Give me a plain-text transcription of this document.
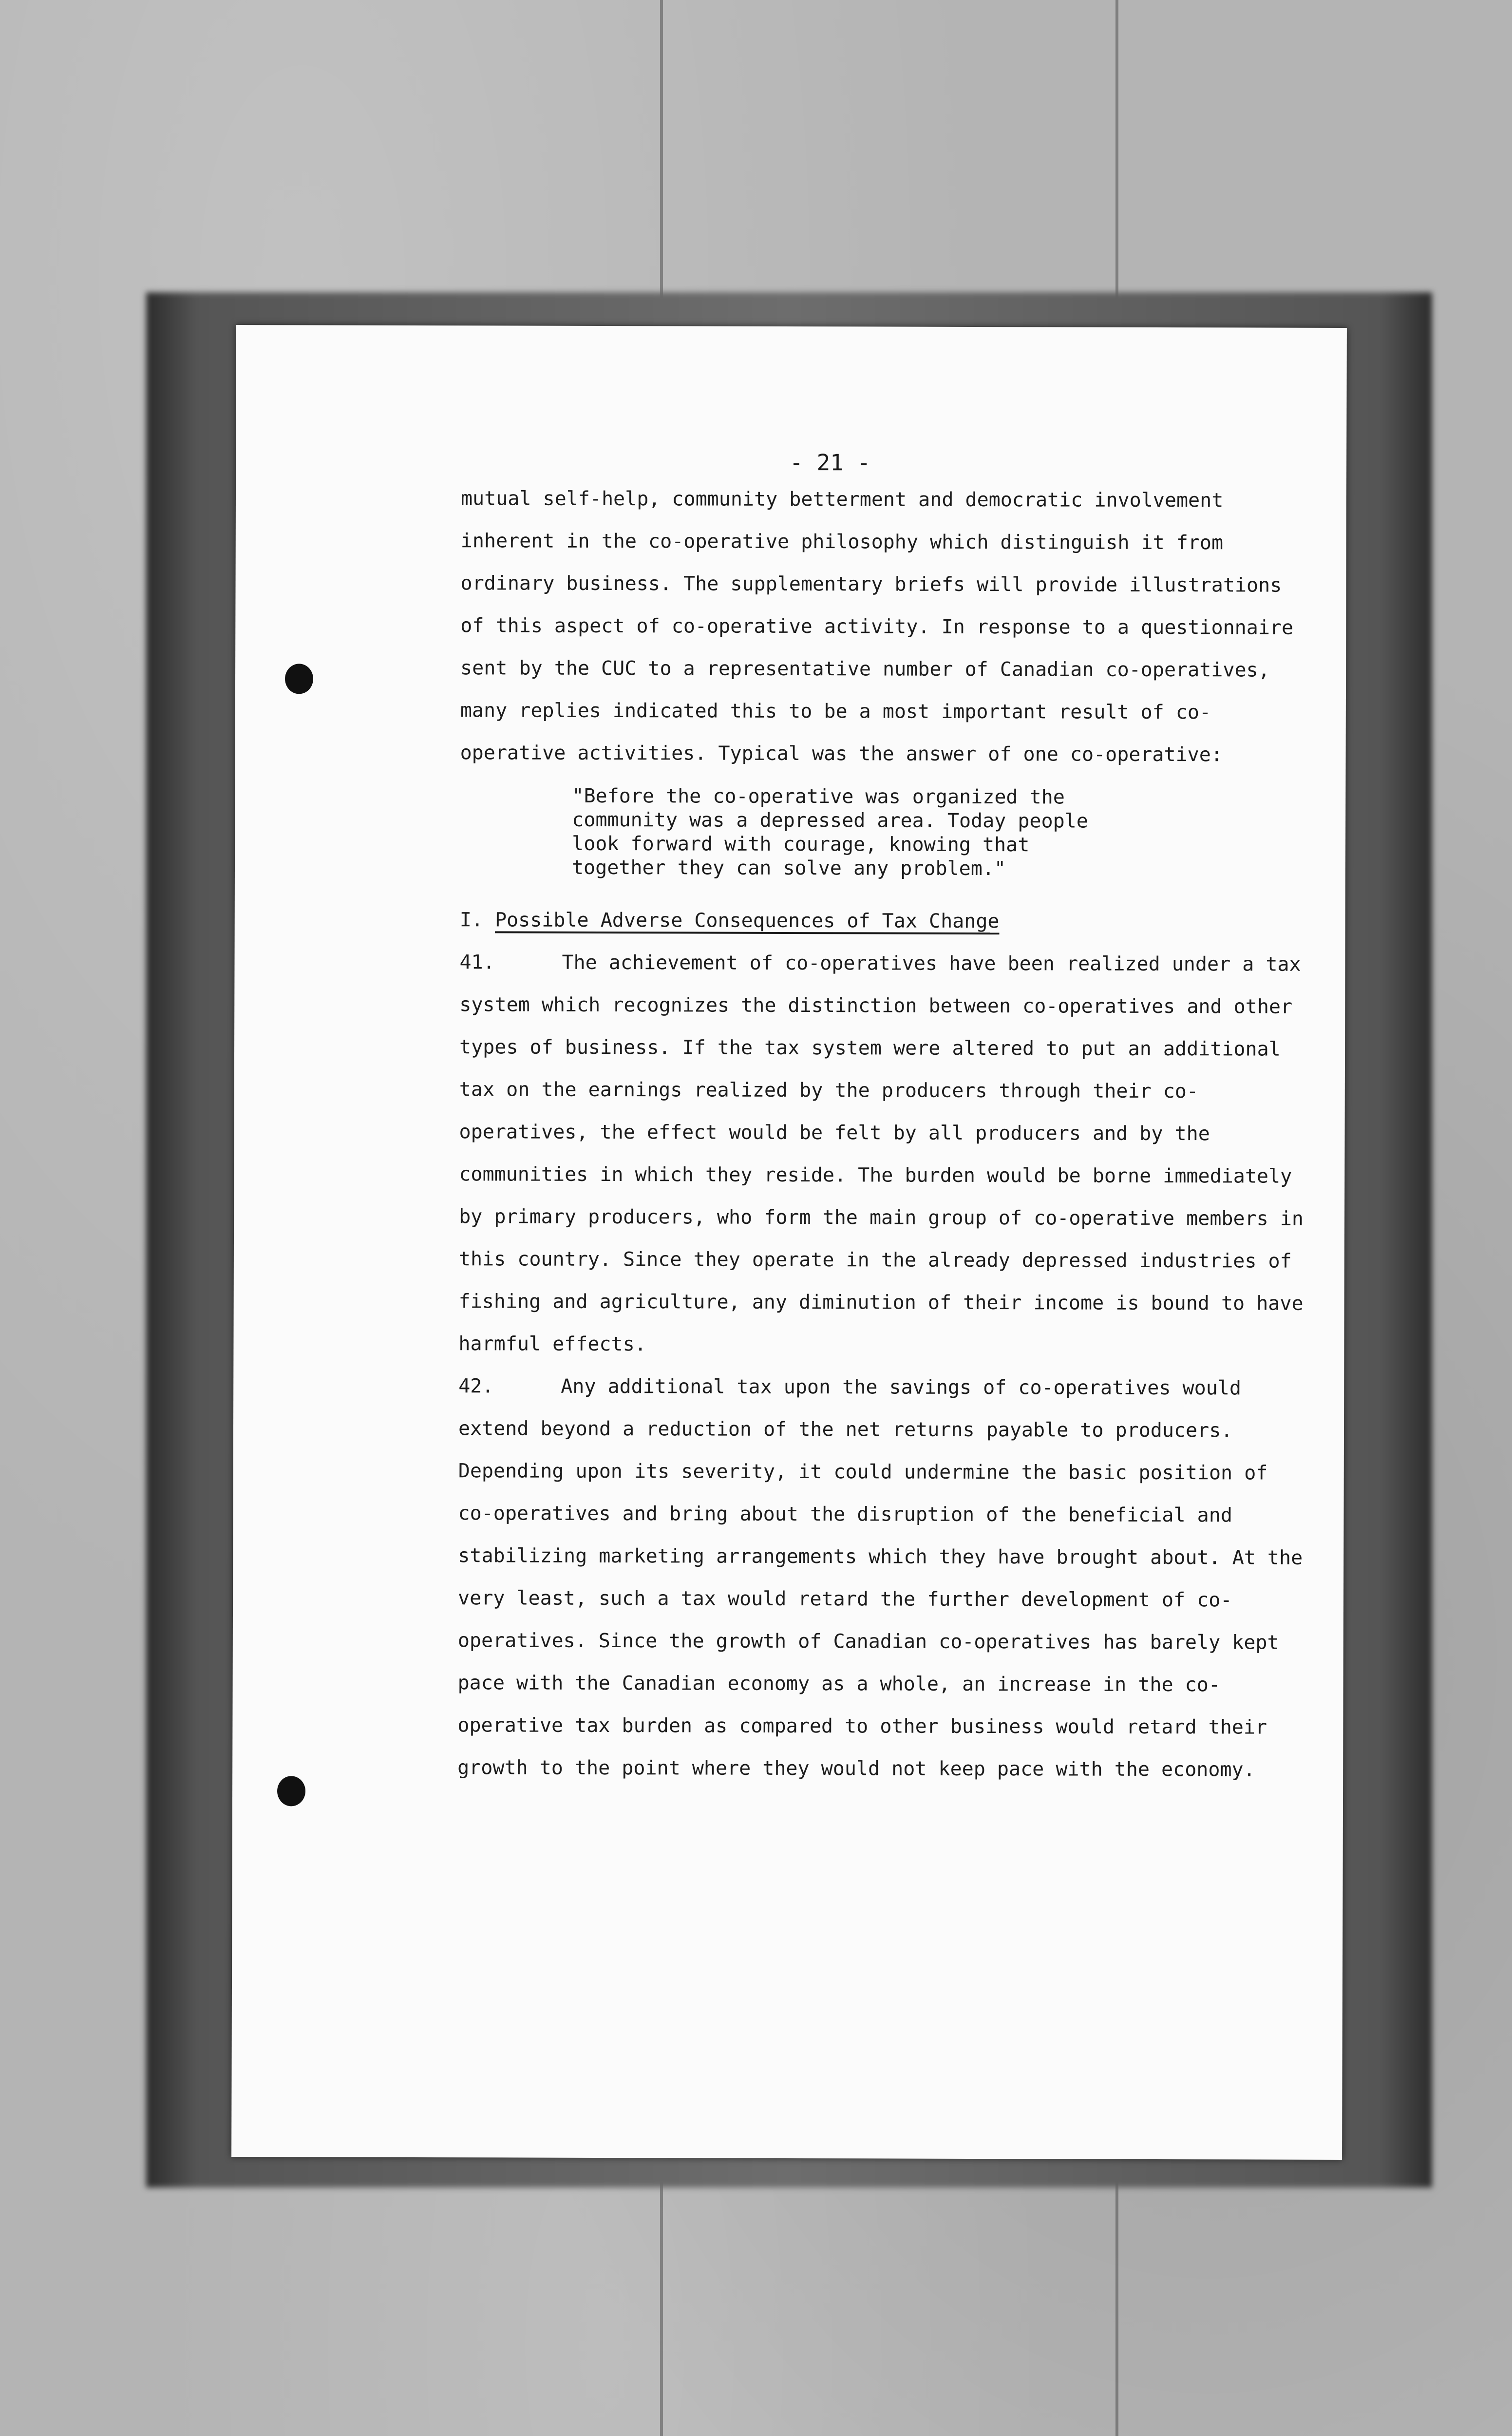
- 21 -

mutual self-help, community betterment and democratic involvement inherent in the co-operative philosophy which distinguish it from ordinary business. The supplementary briefs will provide illustrations of this aspect of co-operative activity. In response to a questionnaire sent by the CUC to a representative number of Canadian co-operatives, many replies indicated this to be a most important result of co-operative activities. Typical was the answer of one co-operative:

"Before the co-operative was organized the community was a depressed area. Today people look forward with courage, knowing that together they can solve any problem."

I. Possible Adverse Consequences of Tax Change

41.	The achievement of co-operatives have been realized under a tax system which recognizes the distinction between co-operatives and other types of business. If the tax system were altered to put an additional tax on the earnings realized by the producers through their co-operatives, the effect would be felt by all producers and by the communities in which they reside. The burden would be borne immediately by primary producers, who form the main group of co-operative members in this country. Since they operate in the already depressed industries of fishing and agriculture, any diminution of their income is bound to have harmful effects.

42.	Any additional tax upon the savings of co-operatives would extend beyond a reduction of the net returns payable to producers. Depending upon its severity, it could undermine the basic position of co-operatives and bring about the disruption of the beneficial and stabilizing marketing arrangements which they have brought about. At the very least, such a tax would retard the further development of co-operatives. Since the growth of Canadian co-operatives has barely kept pace with the Canadian economy as a whole, an increase in the co-operative tax burden as compared to other business would retard their growth to the point where they would not keep pace with the economy.
